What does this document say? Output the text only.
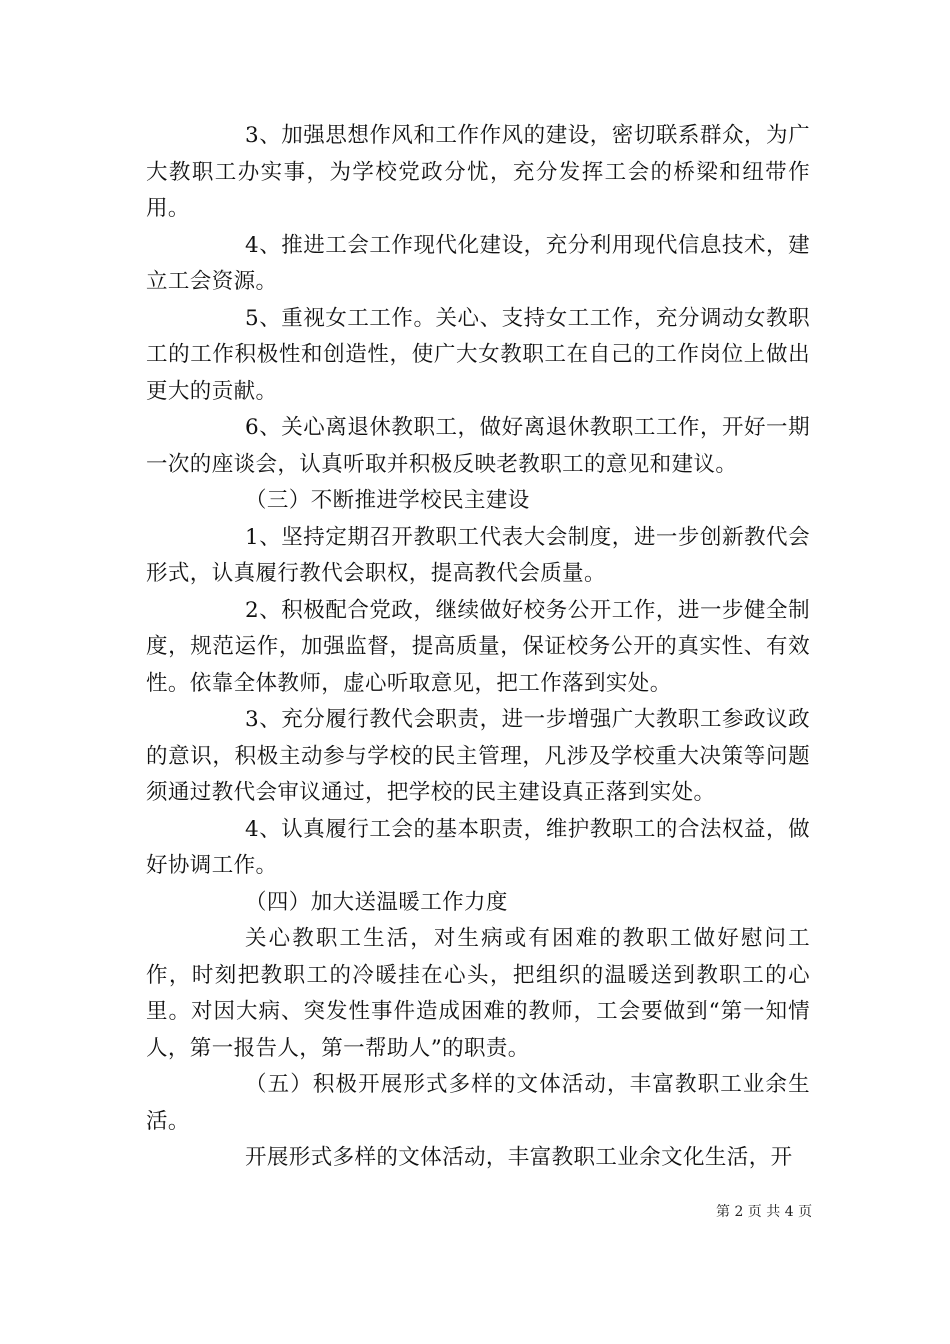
3、加强思想作风和工作作风的建设，密切联系群众，为广大教职工办实事，为学校党政分忧，充分发挥工会的桥梁和纽带作用。

4、推进工会工作现代化建设，充分利用现代信息技术，建立工会资源。

5、重视女工工作。关心、支持女工工作，充分调动女教职工的工作积极性和创造性，使广大女教职工在自己的工作岗位上做出更大的贡献。

6、关心离退休教职工，做好离退休教职工工作，开好一期一次的座谈会，认真听取并积极反映老教职工的意见和建议。

（三）不断推进学校民主建设

1、坚持定期召开教职工代表大会制度，进一步创新教代会形式，认真履行教代会职权，提高教代会质量。

2、积极配合党政，继续做好校务公开工作，进一步健全制度，规范运作，加强监督，提高质量，保证校务公开的真实性、有效性。依靠全体教师，虚心听取意见，把工作落到实处。

3、充分履行教代会职责，进一步增强广大教职工参政议政的意识，积极主动参与学校的民主管理，凡涉及学校重大决策等问题须通过教代会审议通过，把学校的民主建设真正落到实处。

4、认真履行工会的基本职责，维护教职工的合法权益，做好协调工作。

（四）加大送温暖工作力度

关心教职工生活，对生病或有困难的教职工做好慰问工作，时刻把教职工的冷暖挂在心头，把组织的温暖送到教职工的心里。对因大病、突发性事件造成困难的教师，工会要做到“第一知情人，第一报告人，第一帮助人”的职责。

（五）积极开展形式多样的文体活动，丰富教职工业余生活。

开展形式多样的文体活动，丰富教职工业余文化生活，开

第 2 页 共 4 页
